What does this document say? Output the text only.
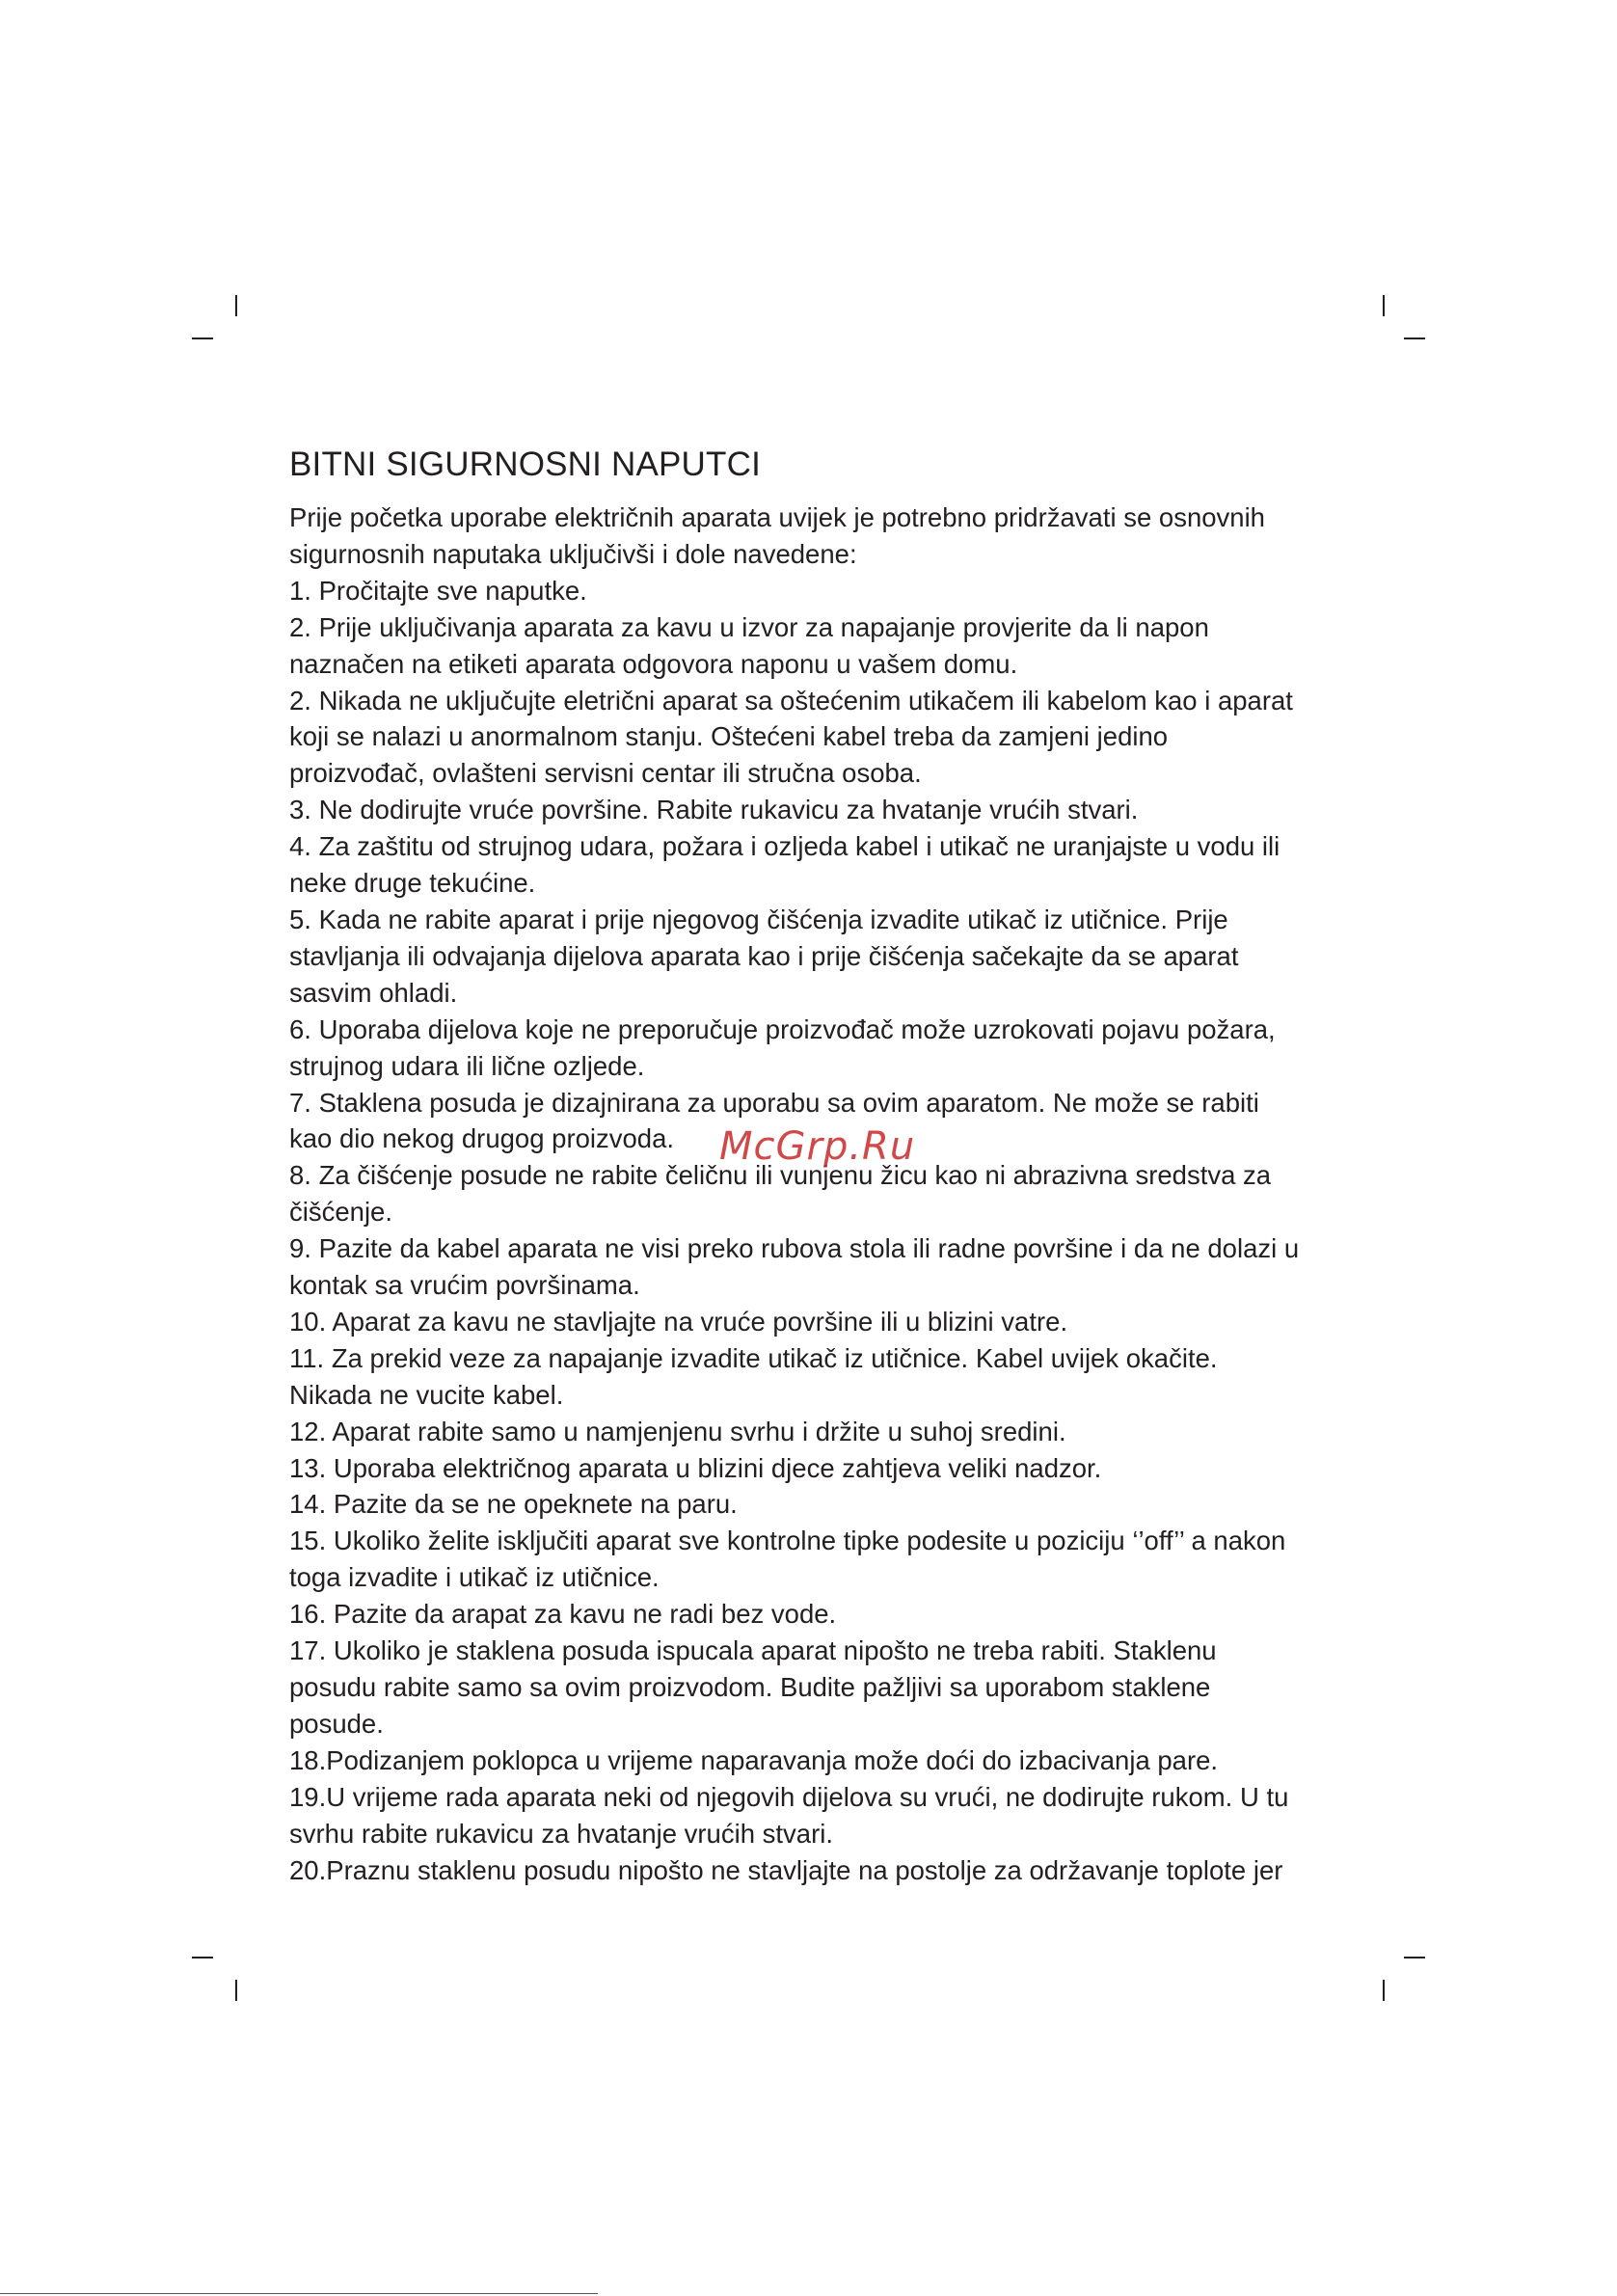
BITNI SIGURNOSNI NAPUTCI

Prije početka uporabe električnih aparata uvijek je potrebno pridržavati se osnovnih
sigurnosnih naputaka uključivši i dole navedene:

1. Pročitajte sve naputke.

2. Prije uključivanja aparata za kavu u izvor za napajanje provjerite da li napon
naznačen na etiketi aparata odgovora naponu u vašem domu.

2. Nikada ne uključujte eletrični aparat sa oštećenim utikačem ili kabelom kao i aparat
koji se nalazi u anormalnom stanju. Oštećeni kabel treba da zamjeni jedino
proizvođač, ovlašteni servisni centar ili stručna osoba.

3. Ne dodirujte vruće površine. Rabite rukavicu za hvatanje vrućih stvari.

4. Za zaštitu od strujnog udara, požara i ozljeda kabel i utikač ne uranjajste u vodu ili
neke druge tekućine.

5. Kada ne rabite aparat i prije njegovog čišćenja izvadite utikač iz utičnice. Prije
stavljanja ili odvajanja dijelova aparata kao i prije čišćenja sačekajte da se aparat
sasvim ohladi.

6. Uporaba dijelova koje ne preporučuje proizvođač može uzrokovati pojavu požara,
strujnog udara ili lične ozljede.

7. Staklena posuda je dizajnirana za uporabu sa ovim aparatom. Ne može se rabiti
kao dio nekog drugog proizvoda.

8. Za čišćenje posude ne rabite čeličnu ili vunjenu žicu kao ni abrazivna sredstva za
čišćenje.

9. Pazite da kabel aparata ne visi preko rubova stola ili radne površine i da ne dolazi u
kontak sa vrućim površinama.

10. Aparat za kavu ne stavljajte na vruće površine ili u blizini vatre.

11. Za prekid veze za napajanje izvadite utikač iz utičnice. Kabel uvijek okačite.
Nikada ne vucite kabel.

12. Aparat rabite samo u namjenjenu svrhu i držite u suhoj sredini.

13. Uporaba električnog aparata u blizini djece zahtjeva veliki nadzor.

14. Pazite da se ne opeknete na paru.

15. Ukoliko želite isključiti aparat sve kontrolne tipke podesite u poziciju ‘’off’’ a nakon
toga izvadite i utikač iz utičnice.

16. Pazite da arapat za kavu ne radi bez vode.

17. Ukoliko je staklena posuda ispucala aparat nipošto ne treba rabiti. Staklenu
posudu rabite samo sa ovim proizvodom. Budite pažljivi sa uporabom staklene
posude.

18.Podizanjem poklopca u vrijeme naparavanja može doći do izbacivanja pare.

19.U vrijeme rada aparata neki od njegovih dijelova su vrući, ne dodirujte rukom. U tu
svrhu rabite rukavicu za hvatanje vrućih stvari.

20.Praznu staklenu posudu nipošto ne stavljajte na postolje za održavanje toplote jer

McGrp.Ru
